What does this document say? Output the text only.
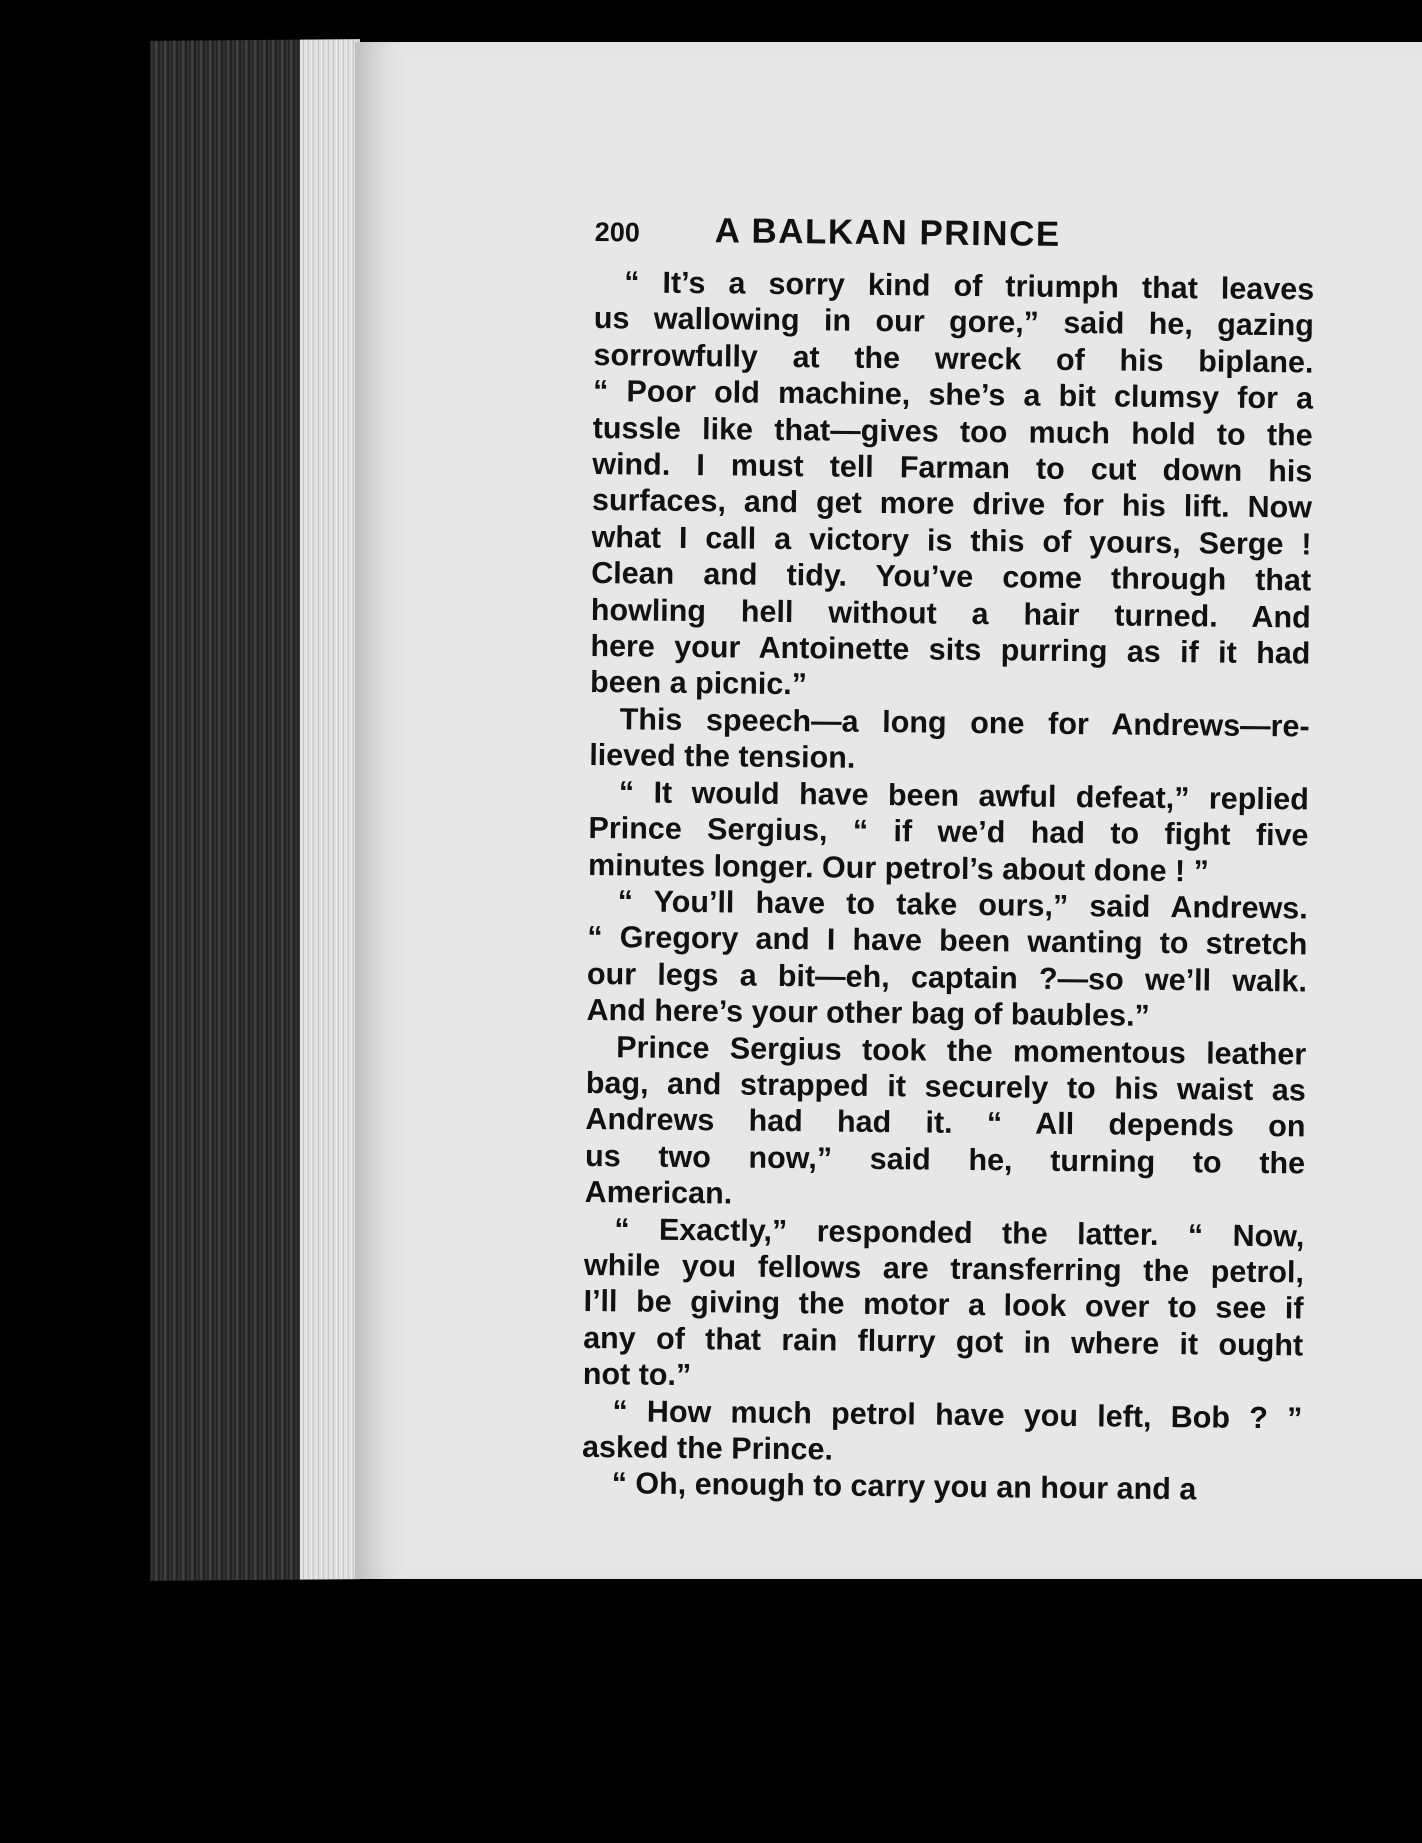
200	A BALKAN PRINCE

“ It’s a sorry kind of triumph that leaves
us wallowing in our gore,” said he, gazing
sorrowfully at the wreck of his biplane.
“ Poor old machine, she’s a bit clumsy for a
tussle like that—gives too much hold to the
wind. I must tell Farman to cut down his
surfaces, and get more drive for his lift. Now
what I call a victory is this of yours, Serge !
Clean and tidy. You’ve come through that
howling hell without a hair turned. And
here your Antoinette sits purring as if it had
been a picnic.”

This speech—a long one for Andrews—re-
lieved the tension.

“ It would have been awful defeat,” replied
Prince Sergius, “ if we’d had to fight five
minutes longer. Our petrol’s about done ! ”

“ You’ll have to take ours,” said Andrews.
“ Gregory and I have been wanting to stretch
our legs a bit—eh, captain ?—so we’ll walk.
And here’s your other bag of baubles.”

Prince Sergius took the momentous leather
bag, and strapped it securely to his waist as
Andrews had had it. “ All depends on
us two now,” said he, turning to the
American.

“ Exactly,” responded the latter. “ Now,
while you fellows are transferring the petrol,
I’ll be giving the motor a look over to see if
any of that rain flurry got in where it ought
not to.”

“ How much petrol have you left, Bob ? ”
asked the Prince.

“ Oh, enough to carry you an hour and a
